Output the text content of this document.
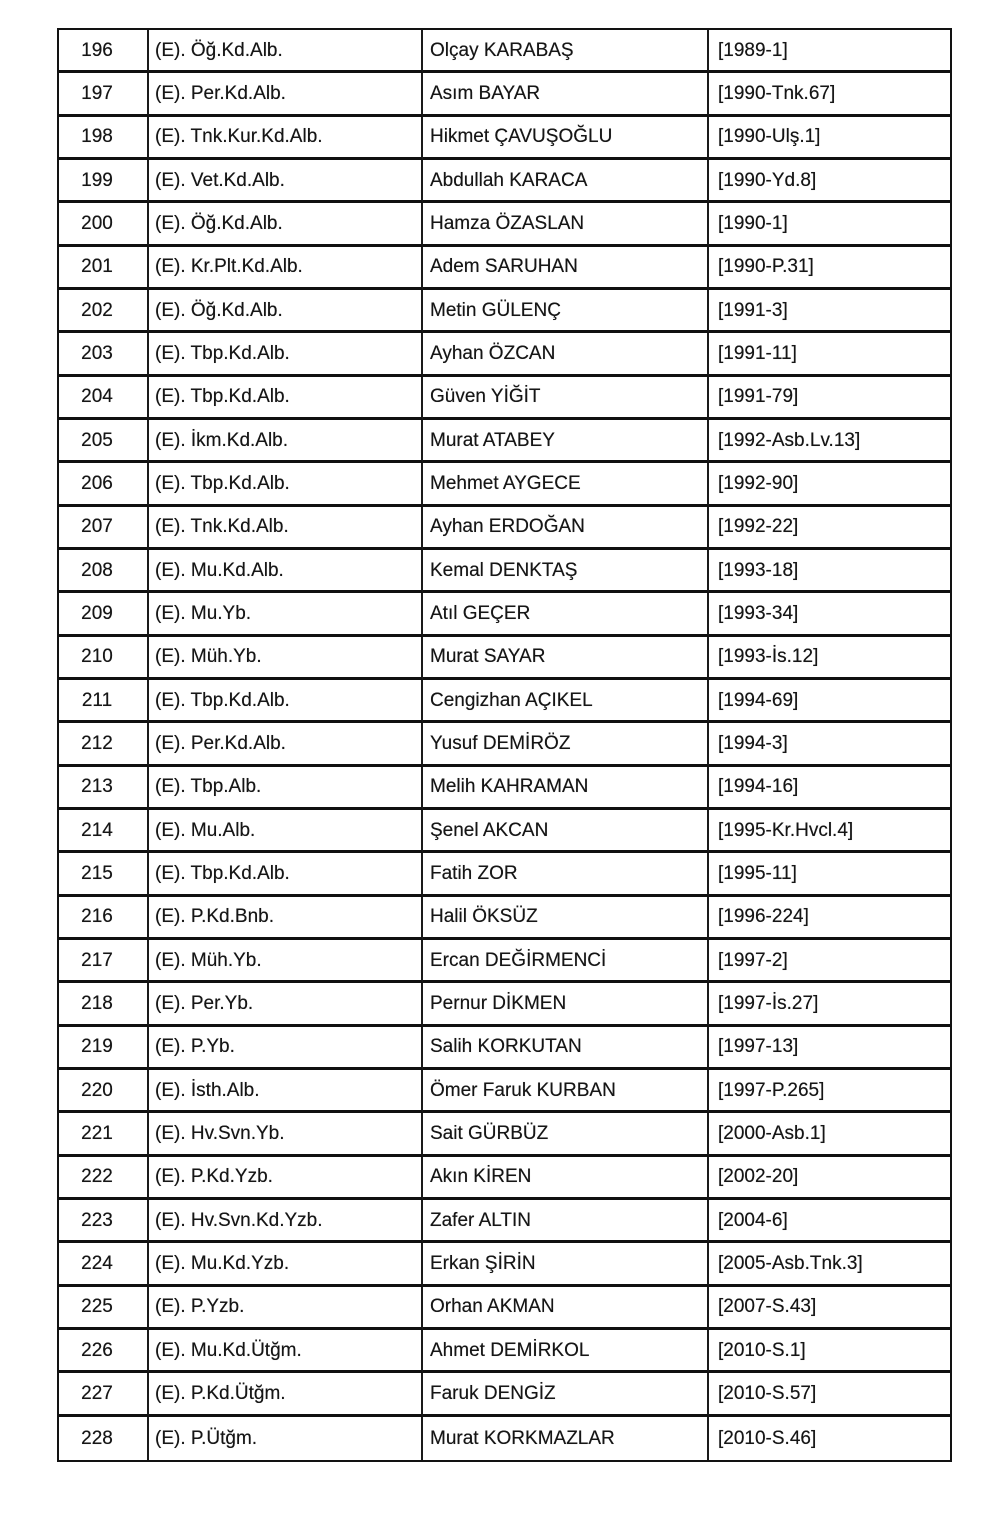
196	(E). Öğ.Kd.Alb.	Olçay KARABAŞ	[1989-1]
197	(E). Per.Kd.Alb.	Asım BAYAR	[1990-Tnk.67]
198	(E). Tnk.Kur.Kd.Alb.	Hikmet ÇAVUŞOĞLU	[1990-Ulş.1]
199	(E). Vet.Kd.Alb.	Abdullah KARACA	[1990-Yd.8]
200	(E). Öğ.Kd.Alb.	Hamza ÖZASLAN	[1990-1]
201	(E). Kr.Plt.Kd.Alb.	Adem SARUHAN	[1990-P.31]
202	(E). Öğ.Kd.Alb.	Metin GÜLENÇ	[1991-3]
203	(E). Tbp.Kd.Alb.	Ayhan ÖZCAN	[1991-11]
204	(E). Tbp.Kd.Alb.	Güven YİĞİT	[1991-79]
205	(E). İkm.Kd.Alb.	Murat ATABEY	[1992-Asb.Lv.13]
206	(E). Tbp.Kd.Alb.	Mehmet AYGECE	[1992-90]
207	(E). Tnk.Kd.Alb.	Ayhan ERDOĞAN	[1992-22]
208	(E). Mu.Kd.Alb.	Kemal DENKTAŞ	[1993-18]
209	(E). Mu.Yb.	Atıl GEÇER	[1993-34]
210	(E). Müh.Yb.	Murat SAYAR	[1993-İs.12]
211	(E). Tbp.Kd.Alb.	Cengizhan AÇIKEL	[1994-69]
212	(E). Per.Kd.Alb.	Yusuf DEMİRÖZ	[1994-3]
213	(E). Tbp.Alb.	Melih KAHRAMAN	[1994-16]
214	(E). Mu.Alb.	Şenel AKCAN	[1995-Kr.Hvcl.4]
215	(E). Tbp.Kd.Alb.	Fatih ZOR	[1995-11]
216	(E). P.Kd.Bnb.	Halil ÖKSÜZ	[1996-224]
217	(E). Müh.Yb.	Ercan DEĞİRMENCİ	[1997-2]
218	(E). Per.Yb.	Pernur DİKMEN	[1997-İs.27]
219	(E). P.Yb.	Salih KORKUTAN	[1997-13]
220	(E). İsth.Alb.	Ömer Faruk KURBAN	[1997-P.265]
221	(E). Hv.Svn.Yb.	Sait GÜRBÜZ	[2000-Asb.1]
222	(E). P.Kd.Yzb.	Akın KİREN	[2002-20]
223	(E). Hv.Svn.Kd.Yzb.	Zafer ALTIN	[2004-6]
224	(E). Mu.Kd.Yzb.	Erkan ŞİRİN	[2005-Asb.Tnk.3]
225	(E). P.Yzb.	Orhan AKMAN	[2007-S.43]
226	(E). Mu.Kd.Ütğm.	Ahmet DEMİRKOL	[2010-S.1]
227	(E). P.Kd.Ütğm.	Faruk DENGİZ	[2010-S.57]
228	(E). P.Ütğm.	Murat KORKMAZLAR	[2010-S.46]
